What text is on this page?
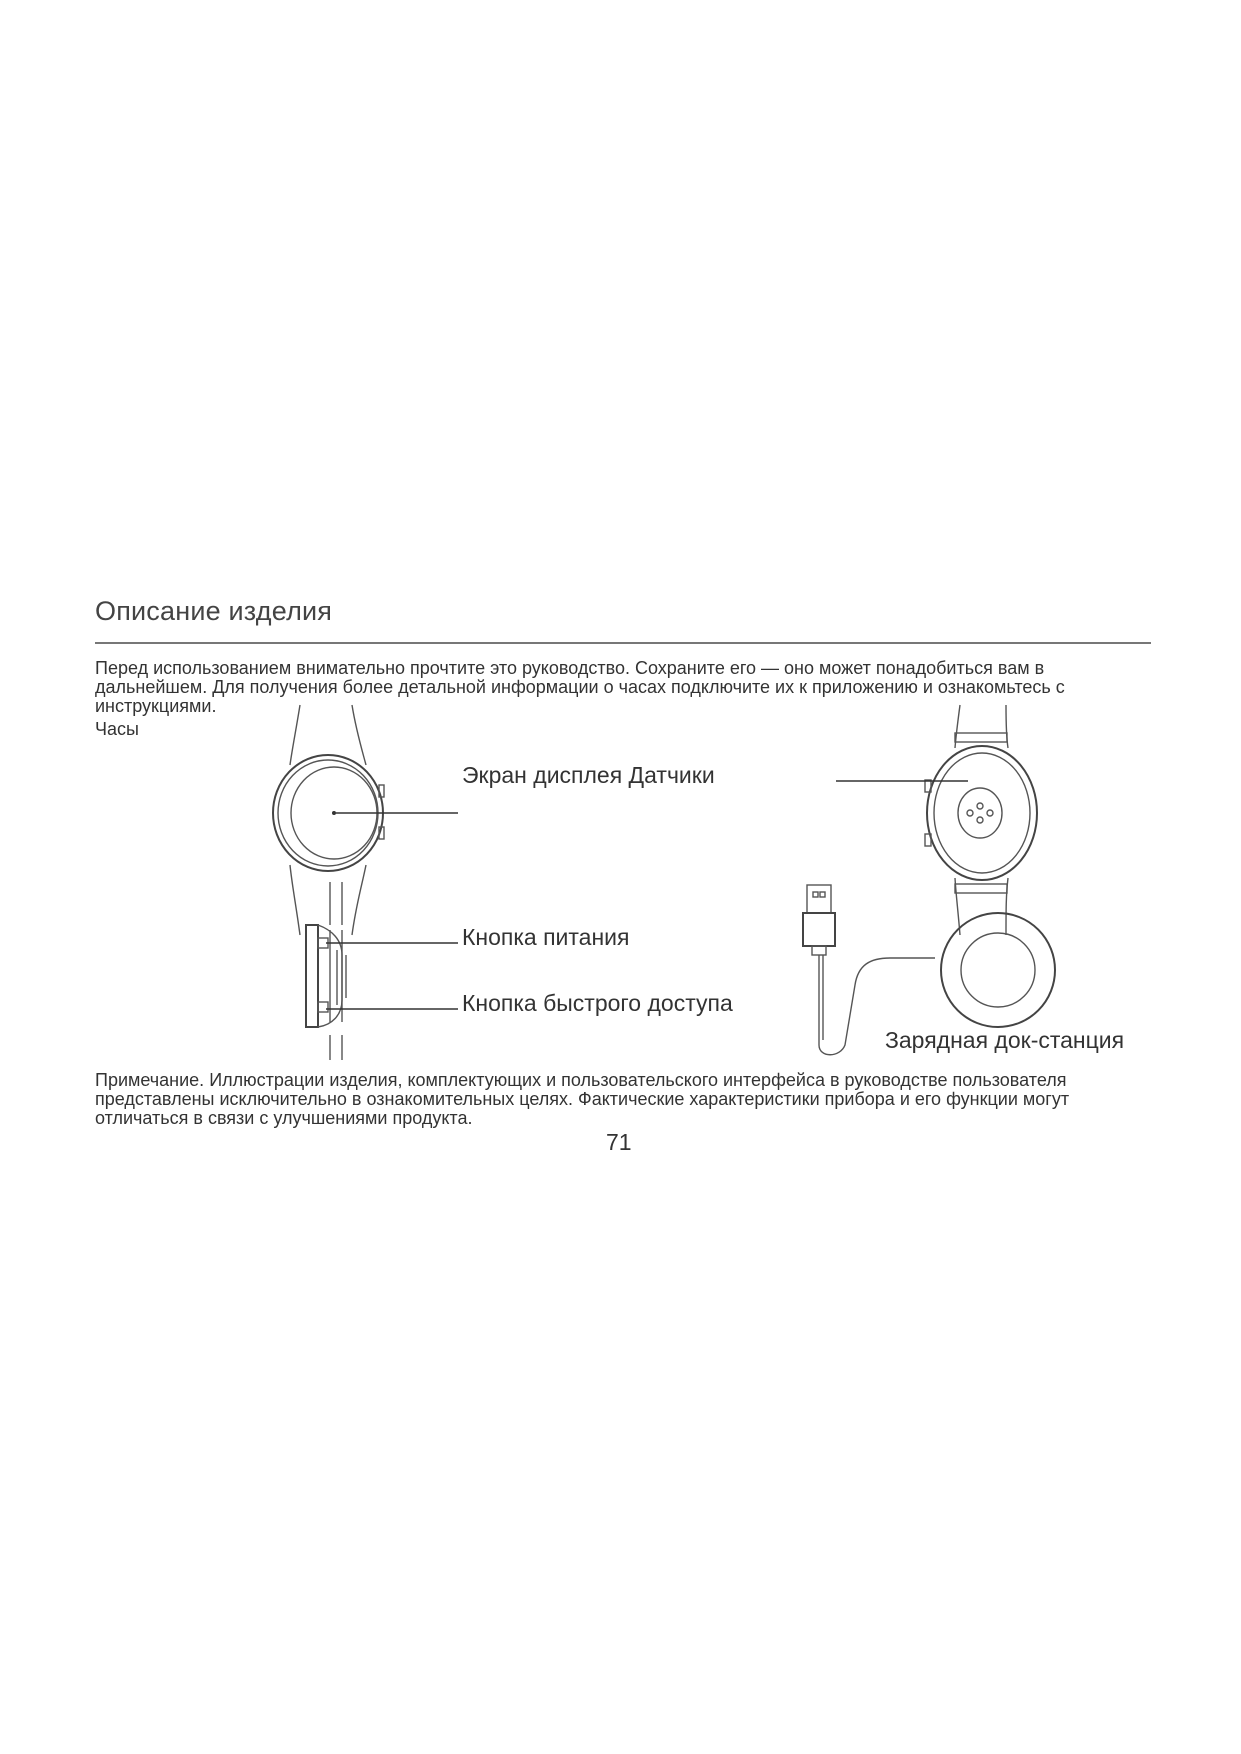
Описание изделия

Перед использованием внимательно прочтите это руководство. Сохраните его — оно может понадобиться вам в дальнейшем. Для получения более детальной информации о часах подключите их к приложению и ознакомьтесь с инструкциями.

Часы
Экран дисплея Датчики
Кнопка питания
Кнопка быстрого доступа
Зарядная док-станция

Примечание. Иллюстрации изделия, комплектующих и пользовательского интерфейса в руководстве пользователя представлены исключительно в ознакомительных целях. Фактические характеристики прибора и его функции могут отличаться в связи с улучшениями продукта.

71
